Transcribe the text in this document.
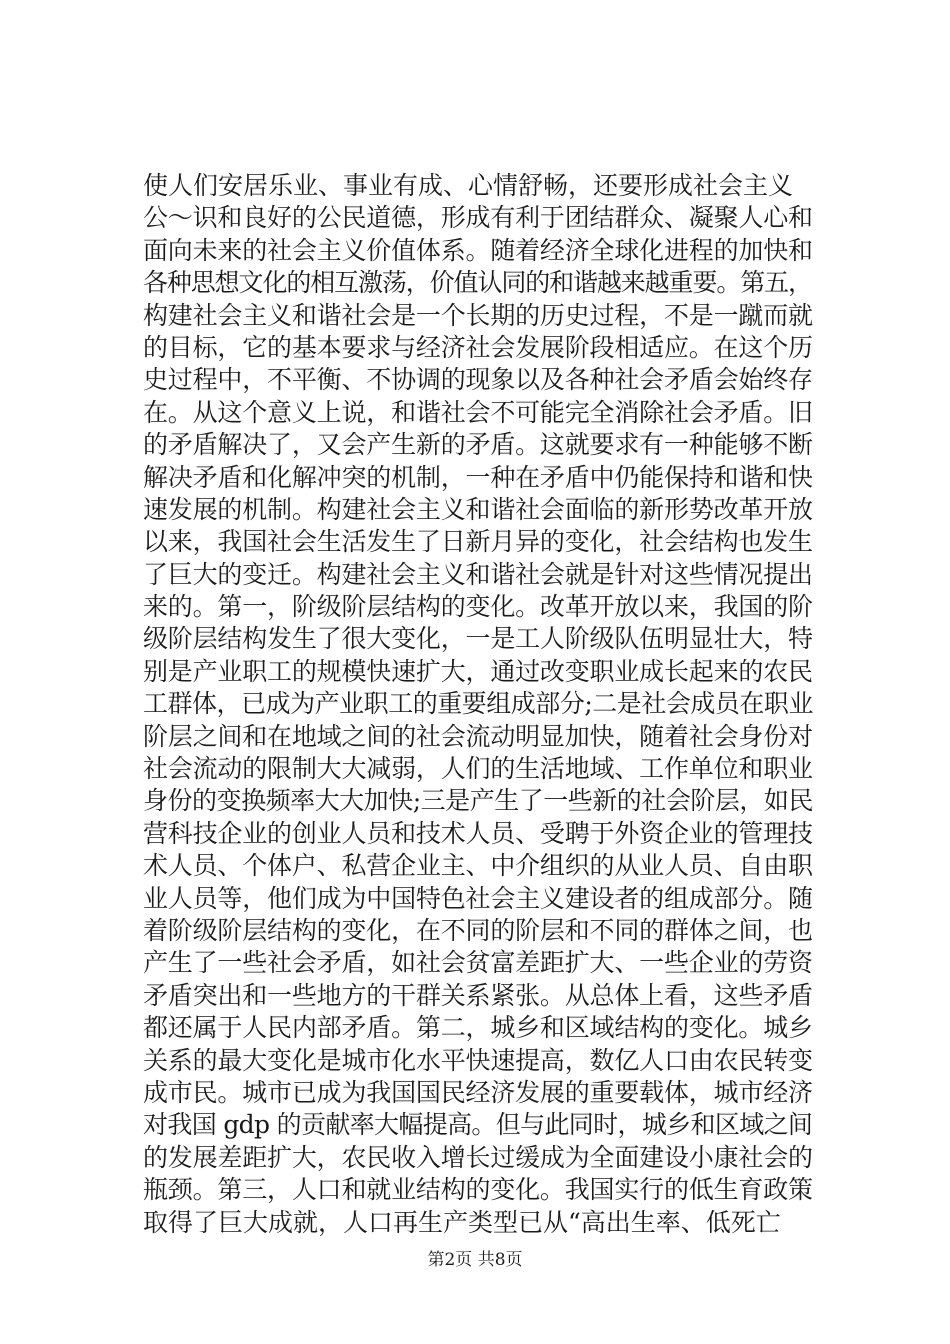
使人们安居乐业、事业有成、心情舒畅，还要形成社会主义
公～识和良好的公民道德，形成有利于团结群众、凝聚人心和
面向未来的社会主义价值体系。随着经济全球化进程的加快和
各种思想文化的相互激荡，价值认同的和谐越来越重要。第五，
构建社会主义和谐社会是一个长期的历史过程，不是一蹴而就
的目标，它的基本要求与经济社会发展阶段相适应。在这个历
史过程中，不平衡、不协调的现象以及各种社会矛盾会始终存
在。从这个意义上说，和谐社会不可能完全消除社会矛盾。旧
的矛盾解决了，又会产生新的矛盾。这就要求有一种能够不断
解决矛盾和化解冲突的机制，一种在矛盾中仍能保持和谐和快
速发展的机制。构建社会主义和谐社会面临的新形势改革开放
以来，我国社会生活发生了日新月异的变化，社会结构也发生
了巨大的变迁。构建社会主义和谐社会就是针对这些情况提出
来的。第一，阶级阶层结构的变化。改革开放以来，我国的阶
级阶层结构发生了很大变化，一是工人阶级队伍明显壮大，特
别是产业职工的规模快速扩大，通过改变职业成长起来的农民
工群体，已成为产业职工的重要组成部分;二是社会成员在职业
阶层之间和在地域之间的社会流动明显加快，随着社会身份对
社会流动的限制大大减弱，人们的生活地域、工作单位和职业
身份的变换频率大大加快;三是产生了一些新的社会阶层，如民
营科技企业的创业人员和技术人员、受聘于外资企业的管理技
术人员、个体户、私营企业主、中介组织的从业人员、自由职
业人员等，他们成为中国特色社会主义建设者的组成部分。随
着阶级阶层结构的变化，在不同的阶层和不同的群体之间，也
产生了一些社会矛盾，如社会贫富差距扩大、一些企业的劳资
矛盾突出和一些地方的干群关系紧张。从总体上看，这些矛盾
都还属于人民内部矛盾。第二，城乡和区域结构的变化。城乡
关系的最大变化是城市化水平快速提高，数亿人口由农民转变
成市民。城市已成为我国国民经济发展的重要载体，城市经济
对我国 gdp 的贡献率大幅提高。但与此同时，城乡和区域之间
的发展差距扩大，农民收入增长过缓成为全面建设小康社会的
瓶颈。第三，人口和就业结构的变化。我国实行的低生育政策
取得了巨大成就，人口再生产类型已从“高出生率、低死亡
第2页 共8页
